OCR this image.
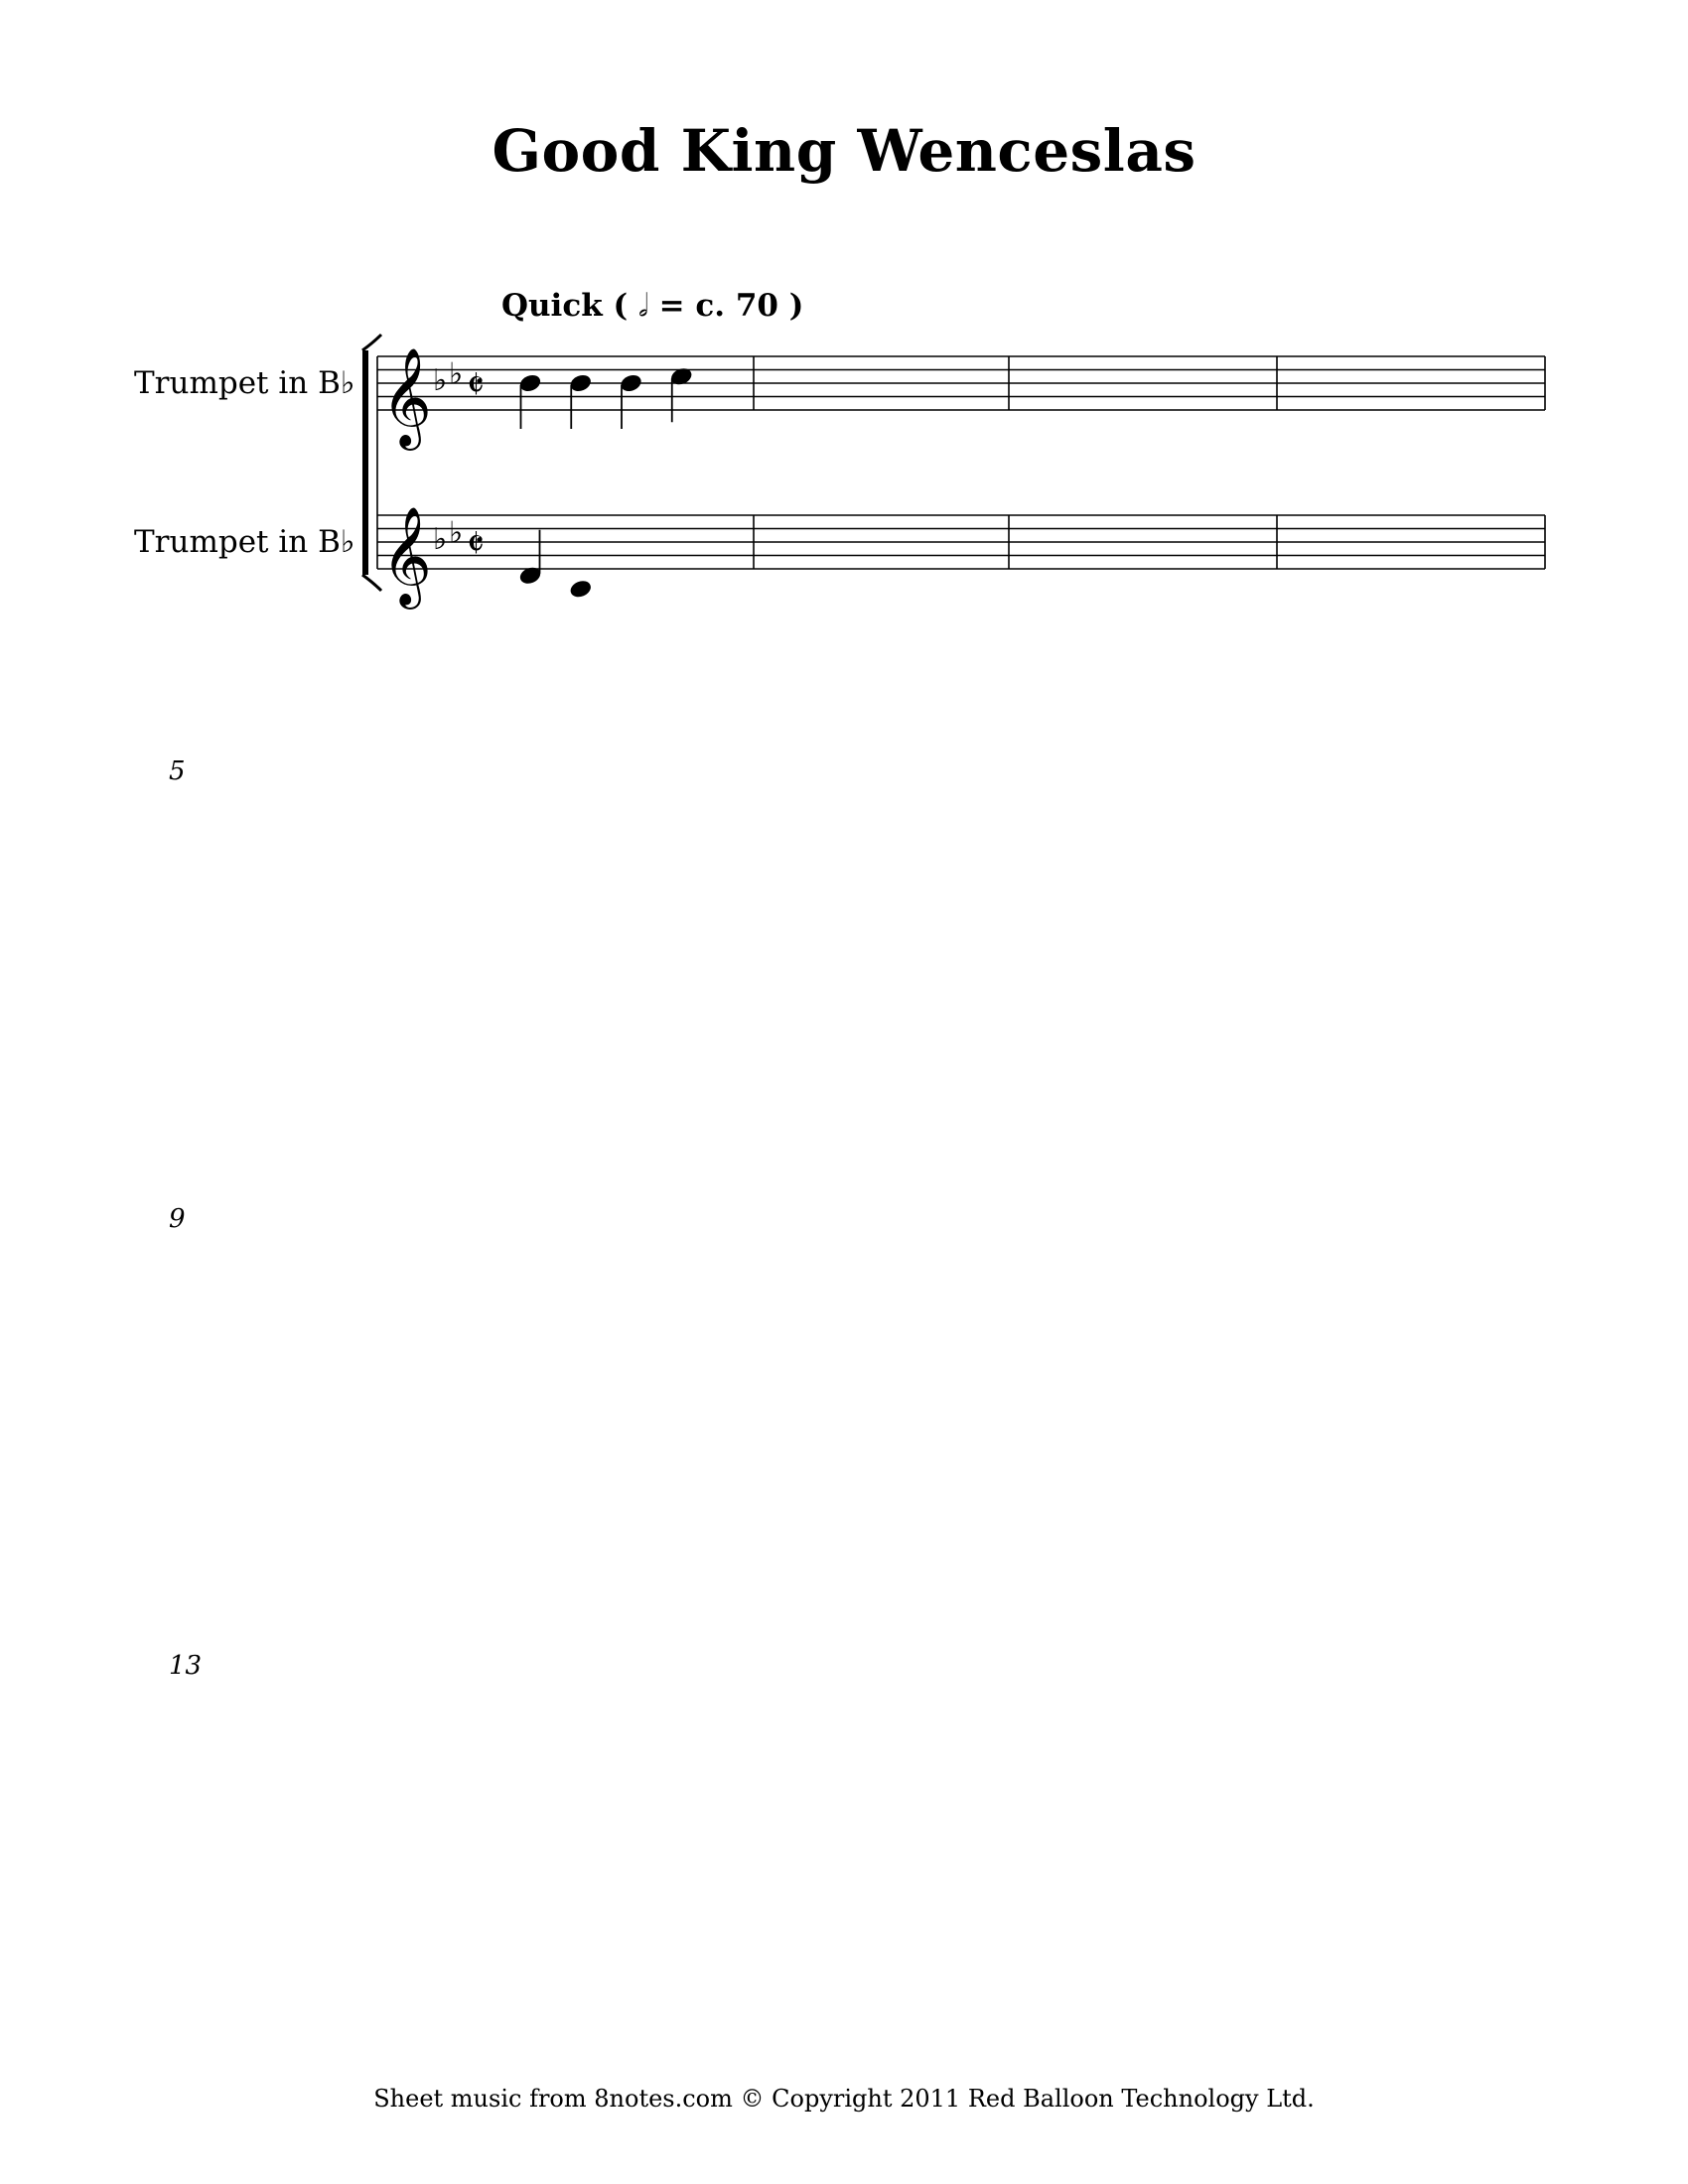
Good King Wenceslas
Quick ( 𝅗𝅥 = c. 70 )
Trumpet in B♭
Trumpet in B♭
5
9
13
𝄞 ♭ ♭ 𝄵
𝄞 ♭ ♭ 𝄵
Sheet music from 8notes.com © Copyright 2011 Red Balloon Technology Ltd.
